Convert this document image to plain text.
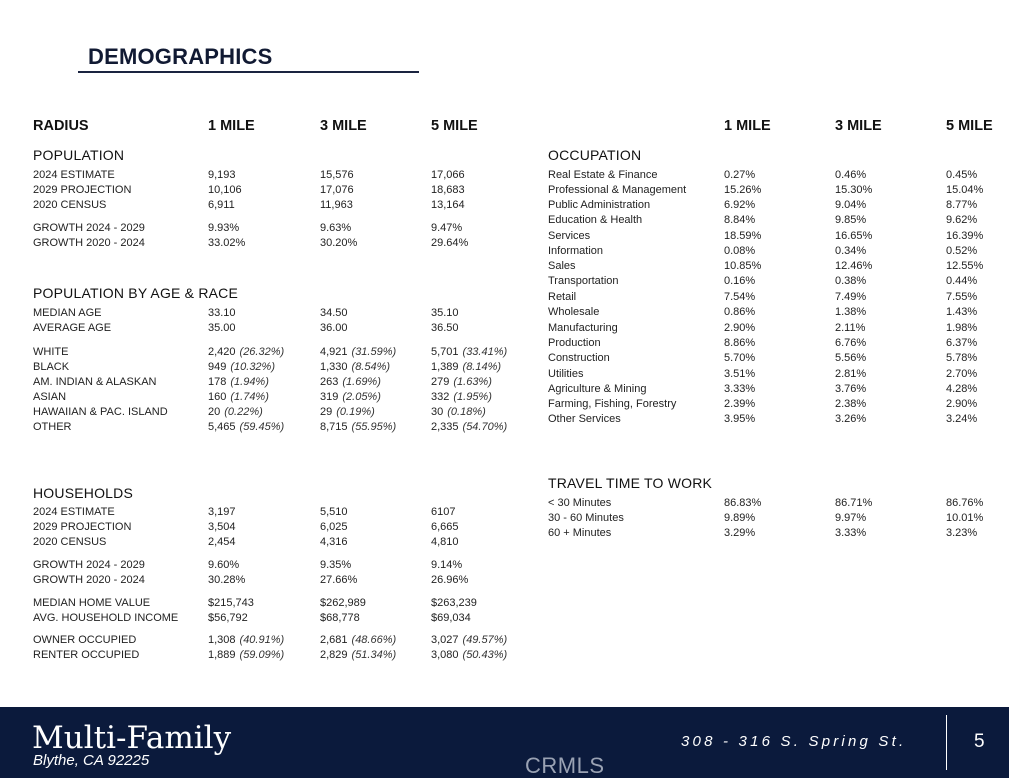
DEMOGRAPHICS
RADIUS	1 MILE	3 MILE	5 MILE	1 MILE	3 MILE	5 MILE
POPULATION
POPULATION BY AGE & RACE
HOUSEHOLDS
OCCUPATION
TRAVEL TIME TO WORK
2024 ESTIMATE	9,193	15,576	17,066
2029 PROJECTION	10,106	17,076	18,683
2020 CENSUS	6,911	11,963	13,164
GROWTH 2024 - 2029	9.93%	9.63%	9.47%
GROWTH 2020 - 2024	33.02%	30.20%	29.64%
MEDIAN AGE	33.10	34.50	35.10
AVERAGE AGE	35.00	36.00	36.50
WHITE	2,420 (26.32%)	4,921 (31.59%)	5,701 (33.41%)
BLACK	949 (10.32%)	1,330 (8.54%)	1,389 (8.14%)
AM. INDIAN & ALASKAN	178 (1.94%)	263 (1.69%)	279 (1.63%)
ASIAN	160 (1.74%)	319 (2.05%)	332 (1.95%)
HAWAIIAN & PAC. ISLAND	20 (0.22%)	29 (0.19%)	30 (0.18%)
OTHER	5,465 (59.45%)	8,715 (55.95%)	2,335 (54.70%)
2024 ESTIMATE	3,197	5,510	6107
2029 PROJECTION	3,504	6,025	6,665
2020 CENSUS	2,454	4,316	4,810
GROWTH 2024 - 2029	9.60%	9.35%	9.14%
GROWTH 2020 - 2024	30.28%	27.66%	26.96%
MEDIAN HOME VALUE	$215,743	$262,989	$263,239
AVG. HOUSEHOLD INCOME	$56,792	$68,778	$69,034
OWNER OCCUPIED	1,308 (40.91%)	2,681 (48.66%)	3,027 (49.57%)
RENTER OCCUPIED	1,889 (59.09%)	2,829 (51.34%)	3,080 (50.43%)
Real Estate & Finance	0.27%	0.46%	0.45%
Professional & Management	15.26%	15.30%	15.04%
Public Administration	6.92%	9.04%	8.77%
Education & Health	8.84%	9.85%	9.62%
Services	18.59%	16.65%	16.39%
Information	0.08%	0.34%	0.52%
Sales	10.85%	12.46%	12.55%
Transportation	0.16%	0.38%	0.44%
Retail	7.54%	7.49%	7.55%
Wholesale	0.86%	1.38%	1.43%
Manufacturing	2.90%	2.11%	1.98%
Production	8.86%	6.76%	6.37%
Construction	5.70%	5.56%	5.78%
Utilities	3.51%	2.81%	2.70%
Agriculture & Mining	3.33%	3.76%	4.28%
Farming, Fishing, Forestry	2.39%	2.38%	2.90%
Other Services	3.95%	3.26%	3.24%
< 30 Minutes	86.83%	86.71%	86.76%
30 - 60 Minutes	9.89%	9.97%	10.01%
60 + Minutes	3.29%	3.33%	3.23%
Multi-Family
Blythe, CA 92225
308 - 316 S. Spring St.	5
CRMLS
